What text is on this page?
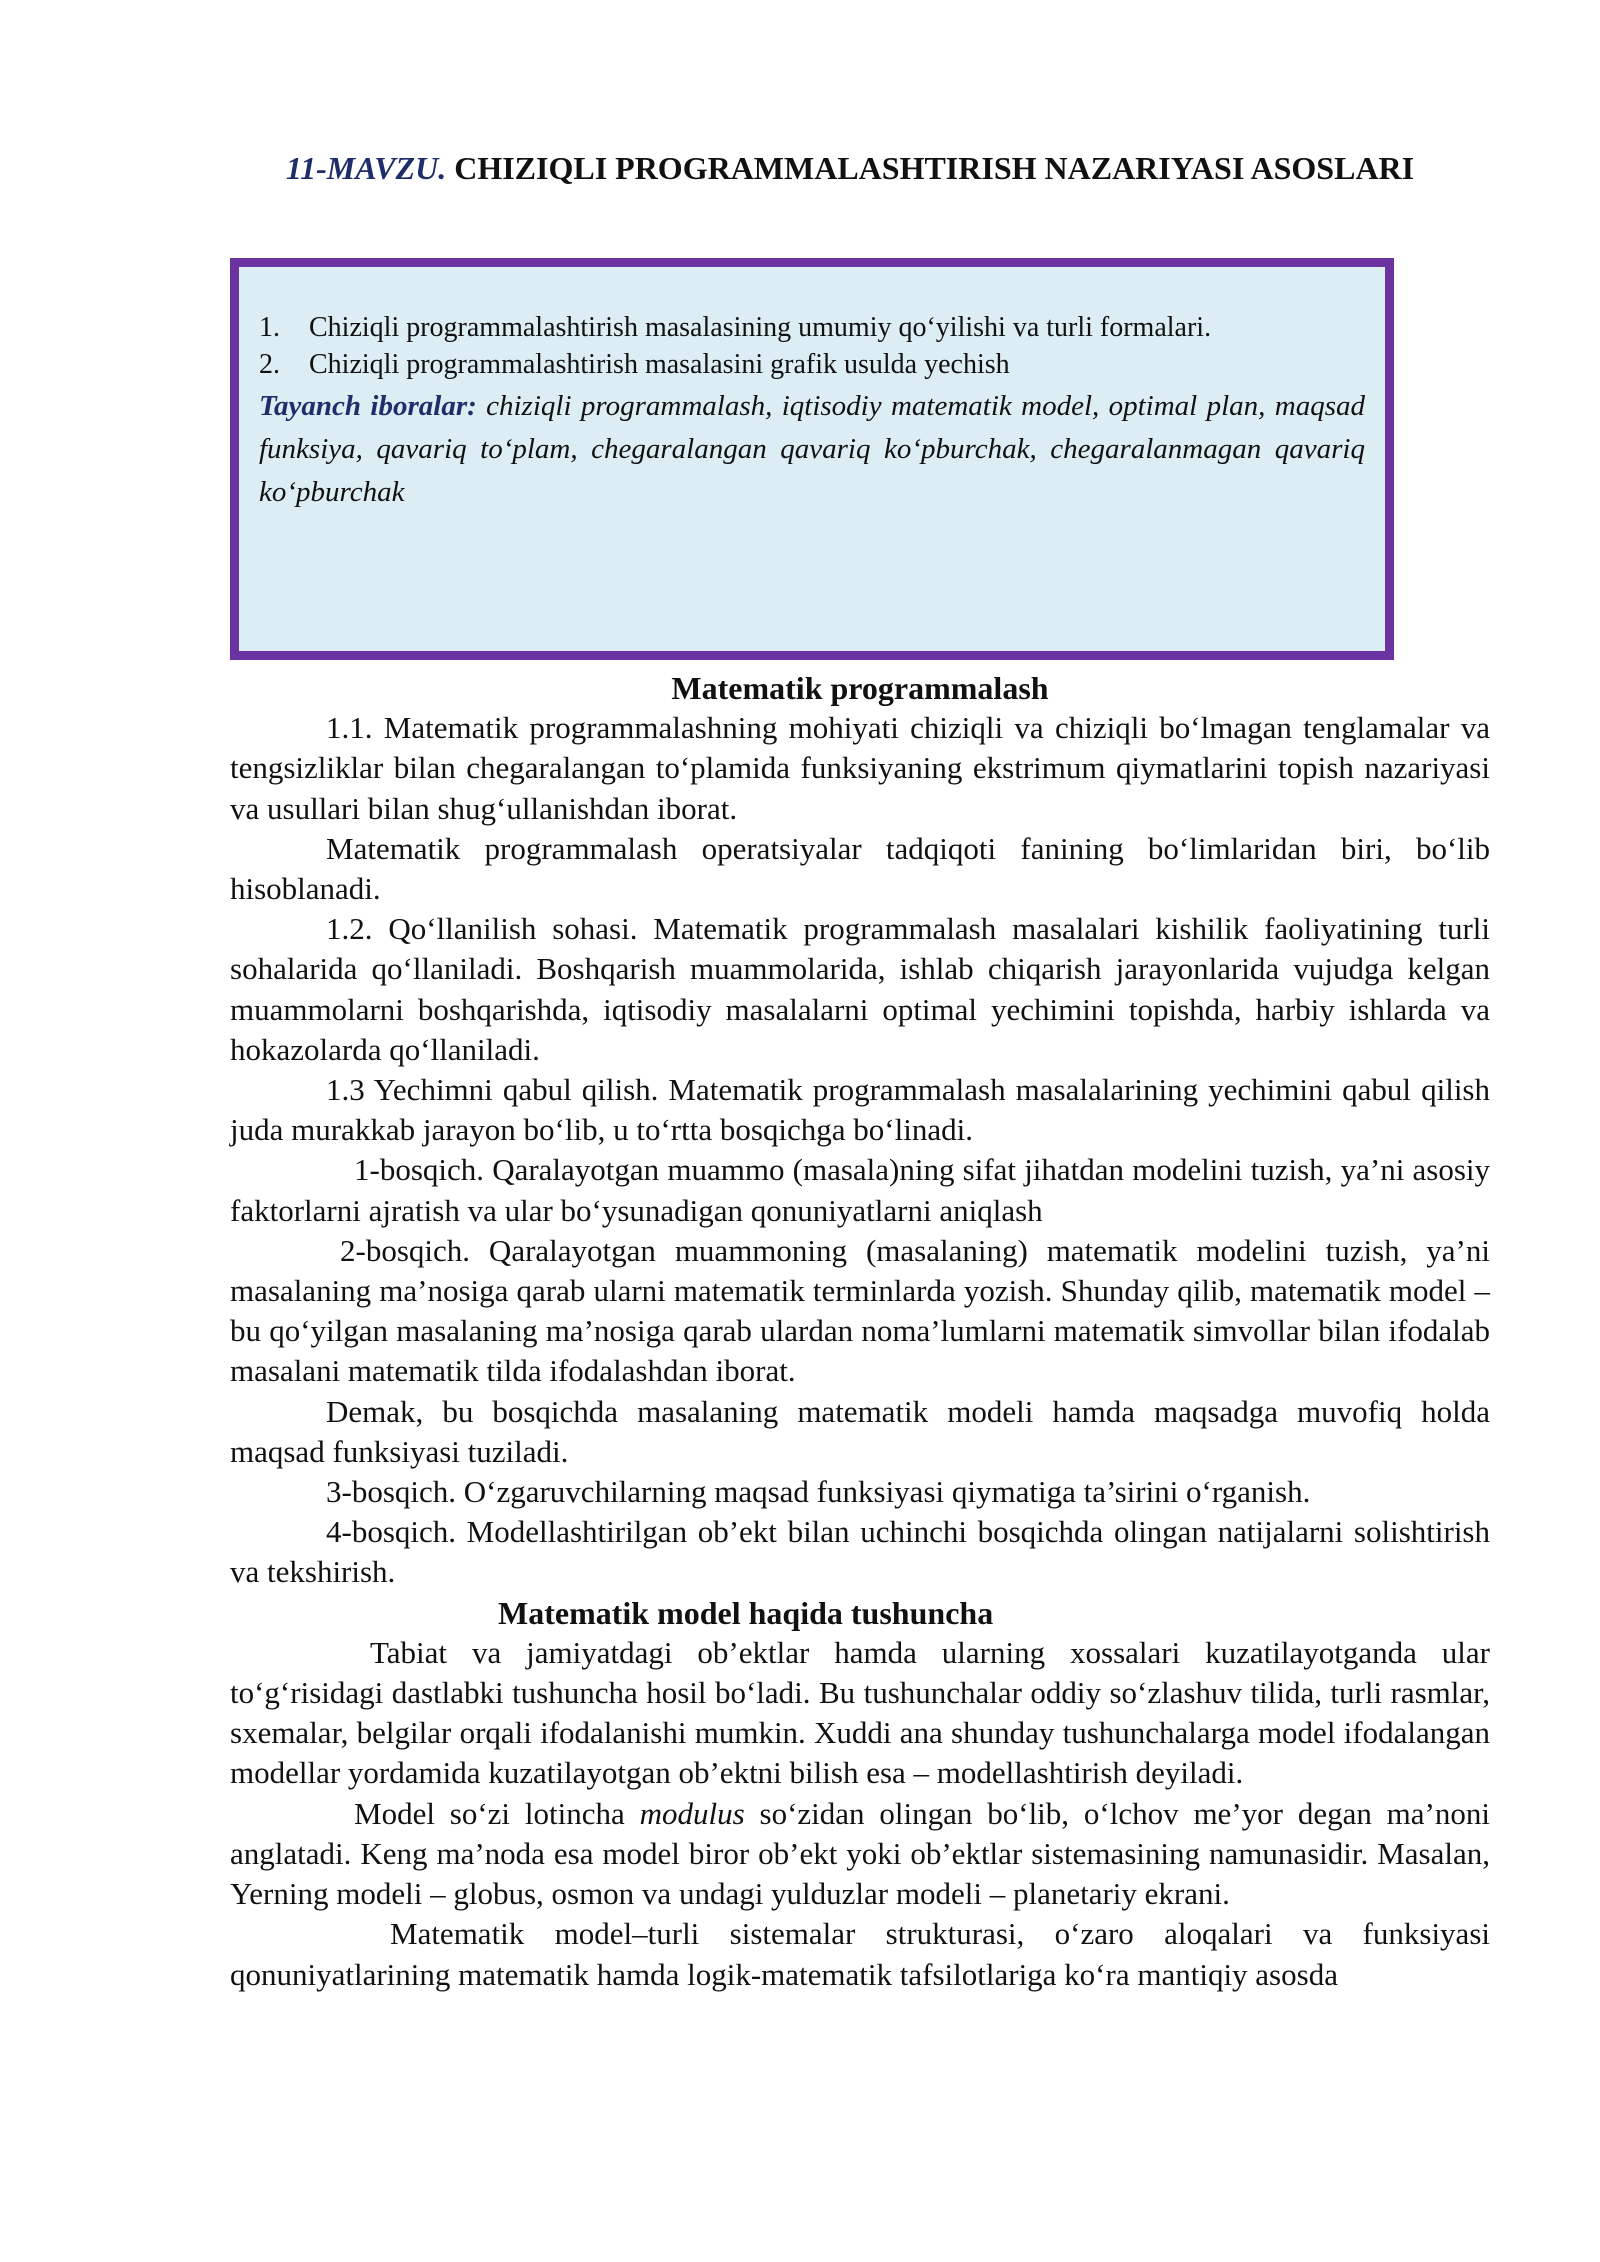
11-MAVZU. CHIZIQLI PROGRAMMALASHTIRISH NAZARIYASI ASOSLARI
1.	Chiziqli programmalashtirish masalasining umumiy qo‘yilishi va turli formalari.
2.	Chiziqli programmalashtirish masalasini grafik usulda yechish
Tayanch iboralar: chiziqli programmalash, iqtisodiy matematik model, optimal plan, maqsad funksiya, qavariq to‘plam, chegaralangan qavariq ko‘pburchak, chegaralanmagan qavariq ko‘pburchak

Matematik programmalash

1.1. Matematik programmalashning mohiyati chiziqli va chiziqli bo‘lmagan tenglamalar va tengsizliklar bilan chegaralangan to‘plamida funksiyaning ekstrimum qiymatlarini topish nazariyasi va usullari bilan shug‘ullanishdan iborat.

Matematik programmalash operatsiyalar tadqiqoti fanining bo‘limlaridan biri, bo‘lib hisoblanadi.

1.2. Qo‘llanilish sohasi. Matematik programmalash masalalari kishilik faoliyatining turli sohalarida qo‘llaniladi. Boshqarish muammolarida, ishlab chiqarish jarayonlarida vujudga kelgan muammolarni boshqarishda, iqtisodiy masalalarni optimal yechimini topishda, harbiy ishlarda va hokazolarda qo‘llaniladi.

1.3 Yechimni qabul qilish. Matematik programmalash masalalarining yechimini qabul qilish juda murakkab jarayon bo‘lib, u to‘rtta bosqichga bo‘linadi.

1-bosqich. Qaralayotgan muammo (masala)ning sifat jihatdan modelini tuzish, ya’ni asosiy faktorlarni ajratish va ular bo‘ysunadigan qonuniyatlarni aniqlash

2-bosqich. Qaralayotgan muammoning (masalaning) matematik modelini tuzish, ya’ni masalaning ma’nosiga qarab ularni matematik terminlarda yozish. Shunday qilib, matematik model – bu qo‘yilgan masalaning ma’nosiga qarab ulardan noma’lumlarni matematik simvollar bilan ifodalab masalani matematik tilda ifodalashdan iborat.

Demak, bu bosqichda masalaning matematik modeli hamda maqsadga muvofiq holda maqsad funksiyasi tuziladi.

3-bosqich. O‘zgaruvchilarning maqsad funksiyasi qiymatiga ta’sirini o‘rganish.

4-bosqich. Modellashtirilgan ob’ekt bilan uchinchi bosqichda olingan natijalarni solishtirish va tekshirish.

Matematik model haqida tushuncha

Tabiat va jamiyatdagi ob’ektlar hamda ularning xossalari kuzatilayotganda ular to‘g‘risidagi dastlabki tushuncha hosil bo‘ladi. Bu tushunchalar oddiy so‘zlashuv tilida, turli rasmlar, sxemalar, belgilar orqali ifodalanishi mumkin. Xuddi ana shunday tushunchalarga model ifodalangan modellar yordamida kuzatilayotgan ob’ektni bilish esa – modellashtirish deyiladi.

Model so‘zi lotincha modulus so‘zidan olingan bo‘lib, o‘lchov me’yor degan ma’noni anglatadi. Keng ma’noda esa model biror ob’ekt yoki ob’ektlar sistemasining namunasidir. Masalan, Yerning modeli – globus, osmon va undagi yulduzlar modeli – planetariy ekrani.

Matematik model–turli sistemalar strukturasi, o‘zaro aloqalari va funksiyasi qonuniyatlarining matematik hamda logik-matematik tafsilotlariga ko‘ra mantiqiy asosda
